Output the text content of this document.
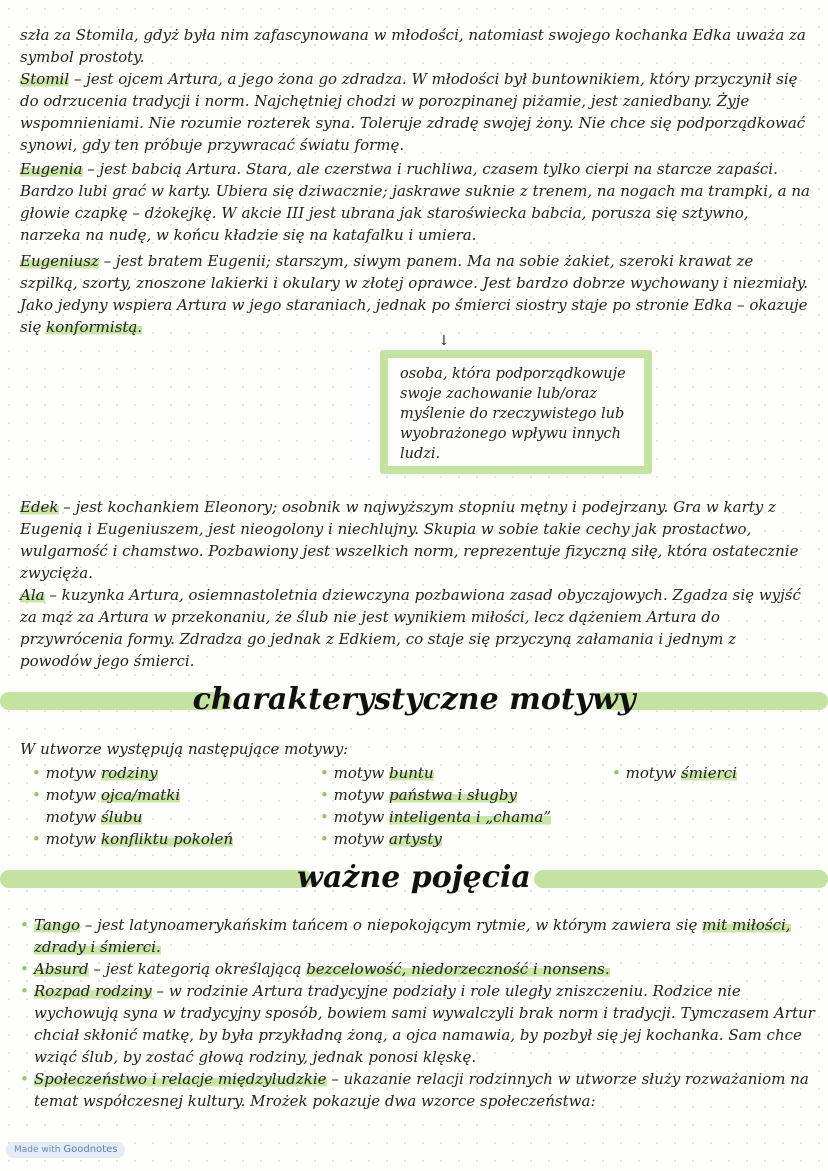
szła za Stomila, gdyż była nim zafascynowana w młodości, natomiast swojego kochanka Edka uważa za symbol prostoty.
Stomil – jest ojcem Artura, a jego żona go zdradza. W młodości był buntownikiem, który przyczynił się do odrzucenia tradycji i norm. Najchętniej chodzi w porozpinanej piżamie, jest zaniedbany. Żyje wspomnieniami. Nie rozumie rozterek syna. Toleruje zdradę swojej żony. Nie chce się podporządkować synowi, gdy ten próbuje przywracać światu formę.
Eugenia – jest babcią Artura. Stara, ale czerstwa i ruchliwa, czasem tylko cierpi na starcze zapaści. Bardzo lubi grać w karty. Ubiera się dziwacznie; jaskrawe suknie z trenem, na nogach ma trampki, a na głowie czapkę – dżokejkę. W akcie III jest ubrana jak staroświecka babcia, porusza się sztywno, narzeka na nudę, w końcu kładzie się na katafalku i umiera.
Eugeniusz – jest bratem Eugenii; starszym, siwym panem. Ma na sobie żakiet, szeroki krawat ze szpilką, szorty, znoszone lakierki i okulary w złotej oprawce. Jest bardzo dobrze wychowany i niezmiały. Jako jedyny wspiera Artura w jego staraniach, jednak po śmierci siostry staje po stronie Edka – okazuje się konformistą.
↓
osoba, która podporządkowuje swoje zachowanie lub/oraz myślenie do rzeczywistego lub wyobrażonego wpływu innych ludzi.
Edek – jest kochankiem Eleonory; osobnik w najwyższym stopniu mętny i podejrzany. Gra w karty z Eugenią i Eugeniuszem, jest nieogolony i niechlujny. Skupia w sobie takie cechy jak prostactwo, wulgarność i chamstwo. Pozbawiony jest wszelkich norm, reprezentuje fizyczną siłę, która ostatecznie zwycięża.
Ala – kuzynka Artura, osiemnastoletnia dziewczyna pozbawiona zasad obyczajowych. Zgadza się wyjść za mąż za Artura w przekonaniu, że ślub nie jest wynikiem miłości, lecz dążeniem Artura do przywrócenia formy. Zdradza go jednak z Edkiem, co staje się przyczyną załamania i jednym z powodów jego śmierci.
charakterystyczne motywy
W utworze występują następujące motywy:
• motyw rodziny
• motyw ojca/matki
motyw ślubu
• motyw konfliktu pokoleń
• motyw buntu
• motyw państwa i sługby
• motyw inteligenta i „chama”
• motyw artysty
• motyw śmierci
ważne pojęcia
• Tango – jest latynoamerykańskim tańcem o niepokojącym rytmie, w którym zawiera się mit miłości, zdrady i śmierci.
• Absurd – jest kategorią określającą bezcelowość, niedorzeczność i nonsens.
• Rozpad rodziny – w rodzinie Artura tradycyjne podziały i role uległy zniszczeniu. Rodzice nie wychowują syna w tradycyjny sposób, bowiem sami wywalczyli brak norm i tradycji. Tymczasem Artur chciał skłonić matkę, by była przykładną żoną, a ojca namawia, by pozbył się jej kochanka. Sam chce wziąć ślub, by zostać głową rodziny, jednak ponosi klęskę.
• Społeczeństwo i relacje międzyludzkie – ukazanie relacji rodzinnych w utworze służy rozważaniom na temat współczesnej kultury. Mrożek pokazuje dwa wzorce społeczeństwa:
Made with Goodnotes
